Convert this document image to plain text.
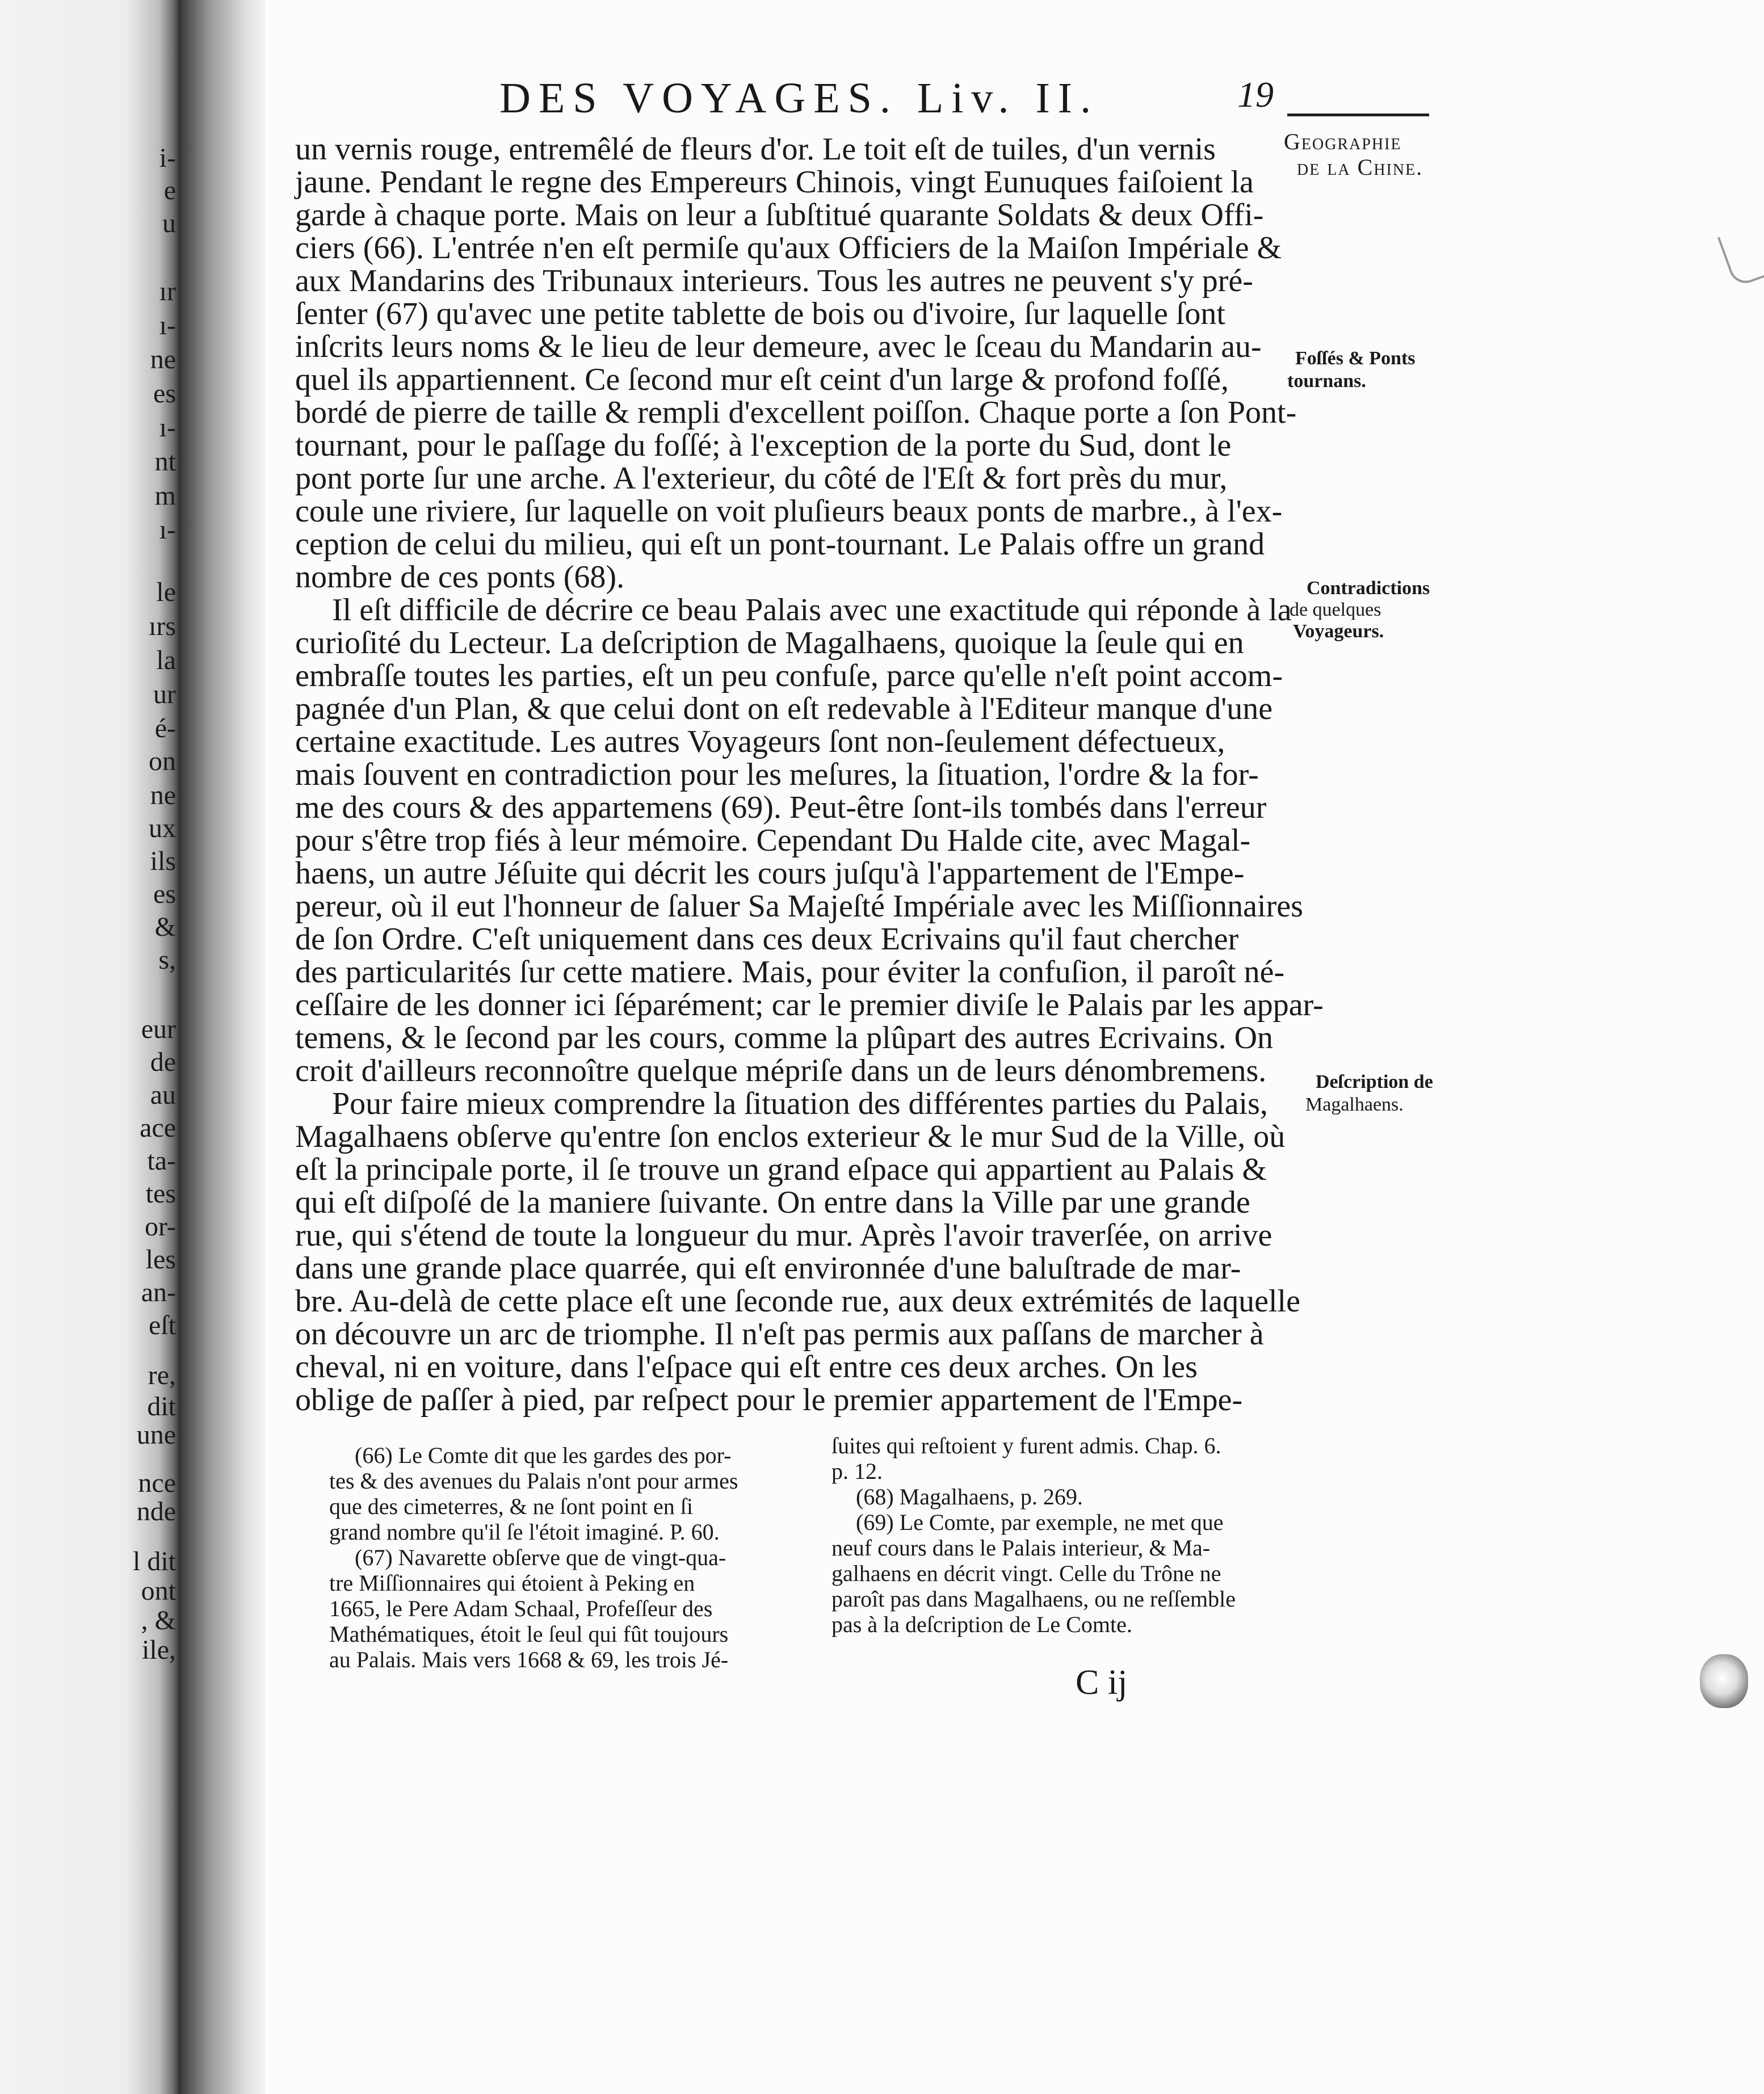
i-
e
u
ır
ı-
ne
es
ı-
nt
m
ı-
le
ırs
la
ur
é-
on
ne
ux
ils
es
&
s,
eur
de
au
ace
ta-
tes
or-
les
an-
eſt
re,
dit
une
nce
nde
l dit
ont
, &
ile,
DES VOYAGES. Liv. II.	19
Geographie
de la Chine.
Foſſés & Ponts
tournans.
Contradictions
de quelques
Voyageurs.
Deſcription de
Magalhaens.
un vernis rouge, entremêlé de fleurs d'or. Le toit eſt de tuiles, d'un vernis
jaune. Pendant le regne des Empereurs Chinois, vingt Eunuques faiſoient la
garde à chaque porte. Mais on leur a ſubſtitué quarante Soldats & deux Offi-
ciers (66). L'entrée n'en eſt permiſe qu'aux Officiers de la Maiſon Impériale &
aux Mandarins des Tribunaux interieurs. Tous les autres ne peuvent s'y pré-
ſenter (67) qu'avec une petite tablette de bois ou d'ivoire, ſur laquelle ſont
inſcrits leurs noms & le lieu de leur demeure, avec le ſceau du Mandarin au-
quel ils appartiennent. Ce ſecond mur eſt ceint d'un large & profond foſſé,
bordé de pierre de taille & rempli d'excellent poiſſon. Chaque porte a ſon Pont-
tournant, pour le paſſage du foſſé; à l'exception de la porte du Sud, dont le
pont porte ſur une arche. A l'exterieur, du côté de l'Eſt & fort près du mur,
coule une riviere, ſur laquelle on voit pluſieurs beaux ponts de marbre., à l'ex-
ception de celui du milieu, qui eſt un pont-tournant. Le Palais offre un grand
nombre de ces ponts (68).
Il eſt difficile de décrire ce beau Palais avec une exactitude qui réponde à la
curioſité du Lecteur. La deſcription de Magalhaens, quoique la ſeule qui en
embraſſe toutes les parties, eſt un peu confuſe, parce qu'elle n'eſt point accom-
pagnée d'un Plan, & que celui dont on eſt redevable à l'Editeur manque d'une
certaine exactitude. Les autres Voyageurs ſont non-ſeulement défectueux,
mais ſouvent en contradiction pour les meſures, la ſituation, l'ordre & la for-
me des cours & des appartemens (69). Peut-être ſont-ils tombés dans l'erreur
pour s'être trop fiés à leur mémoire. Cependant Du Halde cite, avec Magal-
haens, un autre Jéſuite qui décrit les cours juſqu'à l'appartement de l'Empe-
pereur, où il eut l'honneur de ſaluer Sa Majeſté Impériale avec les Miſſionnaires
de ſon Ordre. C'eſt uniquement dans ces deux Ecrivains qu'il faut chercher
des particularités ſur cette matiere. Mais, pour éviter la confuſion, il paroît né-
ceſſaire de les donner ici ſéparément; car le premier diviſe le Palais par les appar-
temens, & le ſecond par les cours, comme la plûpart des autres Ecrivains. On
croit d'ailleurs reconnoître quelque mépriſe dans un de leurs dénombremens.
Pour faire mieux comprendre la ſituation des différentes parties du Palais,
Magalhaens obſerve qu'entre ſon enclos exterieur & le mur Sud de la Ville, où
eſt la principale porte, il ſe trouve un grand eſpace qui appartient au Palais &
qui eſt diſpoſé de la maniere ſuivante. On entre dans la Ville par une grande
rue, qui s'étend de toute la longueur du mur. Après l'avoir traverſée, on arrive
dans une grande place quarrée, qui eſt environnée d'une baluſtrade de mar-
bre. Au-delà de cette place eſt une ſeconde rue, aux deux extrémités de laquelle
on découvre un arc de triomphe. Il n'eſt pas permis aux paſſans de marcher à
cheval, ni en voiture, dans l'eſpace qui eſt entre ces deux arches. On les
oblige de paſſer à pied, par reſpect pour le premier appartement de l'Empe-
(66) Le Comte dit que les gardes des por-
tes & des avenues du Palais n'ont pour armes
que des cimeterres, & ne ſont point en ſi
grand nombre qu'il ſe l'étoit imaginé. P. 60.
(67) Navarette obſerve que de vingt-qua-
tre Miſſionnaires qui étoient à Peking en
1665, le Pere Adam Schaal, Profeſſeur des
Mathématiques, étoit le ſeul qui fût toujours
au Palais. Mais vers 1668 & 69, les trois Jé-
ſuites qui reſtoient y furent admis. Chap. 6.
p. 12.
(68) Magalhaens, p. 269.
(69) Le Comte, par exemple, ne met que
neuf cours dans le Palais interieur, & Ma-
galhaens en décrit vingt. Celle du Trône ne
paroît pas dans Magalhaens, ou ne reſſemble
pas à la deſcription de Le Comte.
C ij
